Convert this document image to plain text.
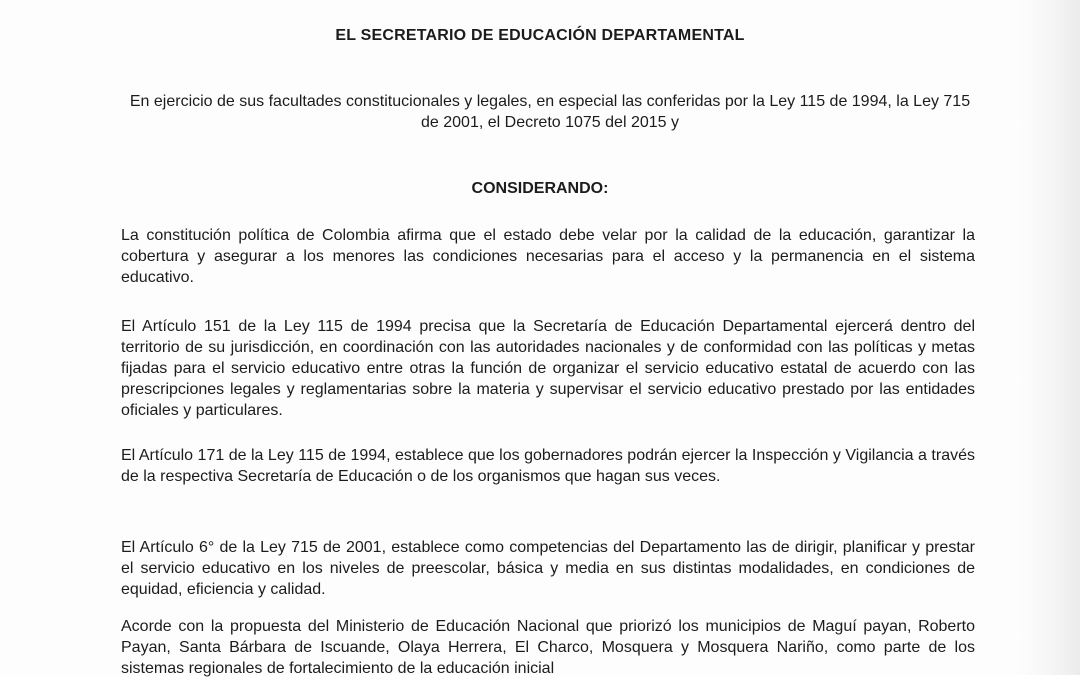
EL SECRETARIO DE EDUCACIÓN DEPARTAMENTAL

En ejercicio de sus facultades constitucionales y legales, en especial las conferidas por la Ley 115 de 1994, la Ley 715 de 2001, el Decreto 1075 del 2015 y

CONSIDERANDO:

La constitución política de Colombia afirma que el estado debe velar por la calidad de la educación, garantizar la cobertura y asegurar a los menores las condiciones necesarias para el acceso y la permanencia en el sistema educativo.

El Artículo 151 de la Ley 115 de 1994 precisa que la Secretaría de Educación Departamental ejercerá dentro del territorio de su jurisdicción, en coordinación con las autoridades nacionales y de conformidad con las políticas y metas fijadas para el servicio educativo entre otras la función de organizar el servicio educativo estatal de acuerdo con las prescripciones legales y reglamentarias sobre la materia y supervisar el servicio educativo prestado por las entidades oficiales y particulares.

El Artículo 171 de la Ley 115 de 1994, establece que los gobernadores podrán ejercer la Inspección y Vigilancia a través de la respectiva Secretaría de Educación o de los organismos que hagan sus veces.

El Artículo 6° de la Ley 715 de 2001, establece como competencias del Departamento las de dirigir, planificar y prestar el servicio educativo en los niveles de preescolar, básica y media en sus distintas modalidades, en condiciones de equidad, eficiencia y calidad.

Acorde con la propuesta del Ministerio de Educación Nacional que priorizó los municipios de Maguí payan, Roberto Payan, Santa Bárbara de Iscuande, Olaya Herrera, El Charco, Mosquera y Mosquera Nariño, como parte de los sistemas regionales de fortalecimiento de la educación inicial
